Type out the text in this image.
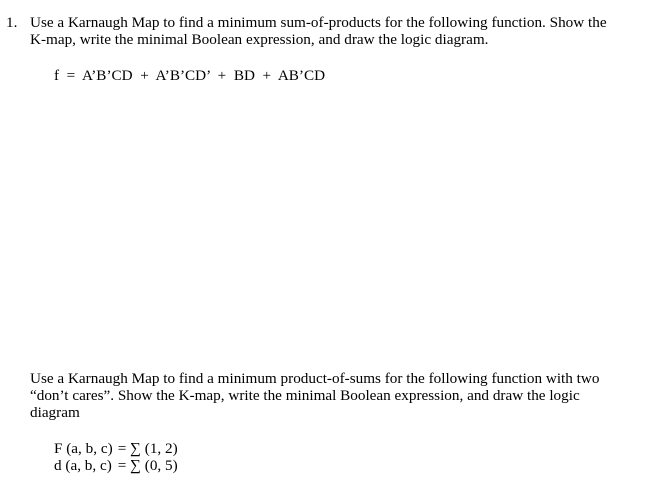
1. Use a Karnaugh Map to find a minimum sum-of-products for the following function. Show the
K-map, write the minimal Boolean expression, and draw the logic diagram.
f  =  A’B’CD  +  A’B’CD’  +  BD  +  AB’CD
Use a Karnaugh Map to find a minimum product-of-sums for the following function with two
“don’t cares”. Show the K-map, write the minimal Boolean expression, and draw the logic
diagram
F (a, b, c) = ∑ (1, 2)
d (a, b, c) = ∑ (0, 5)
